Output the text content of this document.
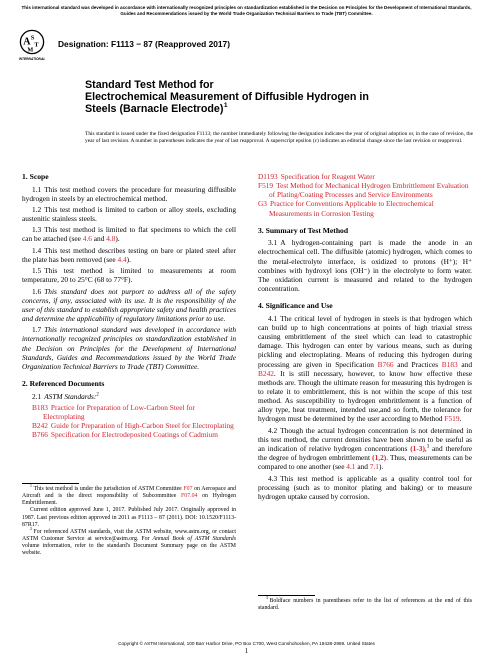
This international standard was developed in accordance with internationally recognized principles on standardization established in the Decision on Principles for the Development of International Standards, Guides and Recommendations issued by the World Trade Organization Technical Barriers to Trade (TBT) Committee.
A S
T
M
INTERNATIONAL
Designation: F1113 − 87 (Reapproved 2017)
Standard Test Method for
Electrochemical Measurement of Diffusible Hydrogen in
Steels (Barnacle Electrode)$^1$
This standard is issued under the fixed designation F1113; the number immediately following the designation indicates the year of original adoption or, in the case of revision, the year of last revision. A number in parentheses indicates the year of last reapproval. A superscript epsilon (ε) indicates an editorial change since the last revision or reapproval.
1. Scope

1.1 This test method covers the procedure for measuring diffusible hydrogen in steels by an electrochemical method.

1.2 This test method is limited to carbon or alloy steels, excluding austenitic stainless steels.

1.3 This test method is limited to flat specimens to which the cell can be attached (see 4.6 and 4.8).

1.4 This test method describes testing on bare or plated steel after the plate has been removed (see 4.4).

1.5 This test method is limited to measurements at room temperature, 20 to 25°C (68 to 77°F).

1.6 This standard does not purport to address all of the safety concerns, if any, associated with its use. It is the responsibility of the user of this standard to establish appropriate safety and health practices and determine the applicability of regulatory limitations prior to use.

1.7 This international standard was developed in accordance with internationally recognized principles on standardization established in the Decision on Principles for the Development of International Standards, Guides and Recommendations issued by the World Trade Organization Technical Barriers to Trade (TBT) Committee.

2. Referenced Documents

2.1 ASTM Standards:$^2$

B183 Practice for Preparation of Low-Carbon Steel for Electroplating
B242 Guide for Preparation of High-Carbon Steel for Electroplating
B766 Specification for Electrodeposited Coatings of Cadmium

$^1$ This test method is under the jurisdiction of ASTM Committee F07 on Aerospace and Aircraft and is the direct responsibility of Subcommittee F07.04 on Hydrogen Embrittlement.

Current edition approved June 1, 2017. Published July 2017. Originally approved in 1987. Last previous edition approved in 2011 as F1113 – 87 (2011). DOI: 10.1520/F1113-87R17.

$^2$ For referenced ASTM standards, visit the ASTM website, www.astm.org, or contact ASTM Customer Service at service@astm.org. For Annual Book of ASTM Standards volume information, refer to the standard's Document Summary page on the ASTM website.

D1193 Specification for Reagent Water
F519 Test Method for Mechanical Hydrogen Embrittlement Evaluation of Plating/Coating Processes and Service Environments
G3 Practice for Conventions Applicable to Electrochemical Measurements in Corrosion Testing
3. Summary of Test Method

3.1 A hydrogen-containing part is made the anode in an electrochemical cell. The diffusible (atomic) hydrogen, which comes to the metal-electrolyte interface, is oxidized to protons (H⁺); H⁺ combines with hydroxyl ions (OH⁻) in the electrolyte to form water. The oxidation current is measured and related to the hydrogen concentration.

4. Significance and Use

4.1 The critical level of hydrogen in steels is that hydrogen which can build up to high concentrations at points of high triaxial stress causing embrittlement of the steel which can lead to catastrophic damage. This hydrogen can enter by various means, such as during pickling and electroplating. Means of reducing this hydrogen during processing are given in Specification B766 and Practices B183 and B242. It is still necessary, however, to know how effective these methods are. Though the ultimate reason for measuring this hydrogen is to relate it to embrittlement, this is not within the scope of this test method. As susceptibility to hydrogen embrittlement is a function of alloy type, heat treatment, intended use,and so forth, the tolerance for hydrogen must be determined by the user according to Method F519.

4.2 Though the actual hydrogen concentration is not determined in this test method, the current densities have been shown to be useful as an indication of relative hydrogen concentrations (1-3),$^3$ and therefore the degree of hydrogen embrittlement (1,2). Thus, measurements can be compared to one another (see 4.1 and 7.1).

4.3 This test method is applicable as a quality control tool for processing (such as to monitor plating and baking) or to measure hydrogen uptake caused by corrosion.

$^3$ Boldface numbers in parentheses refer to the list of references at the end of this standard.

Copyright © ASTM International, 100 Barr Harbor Drive, PO Box C700, West Conshohocken, PA 19428-2959. United States
1
